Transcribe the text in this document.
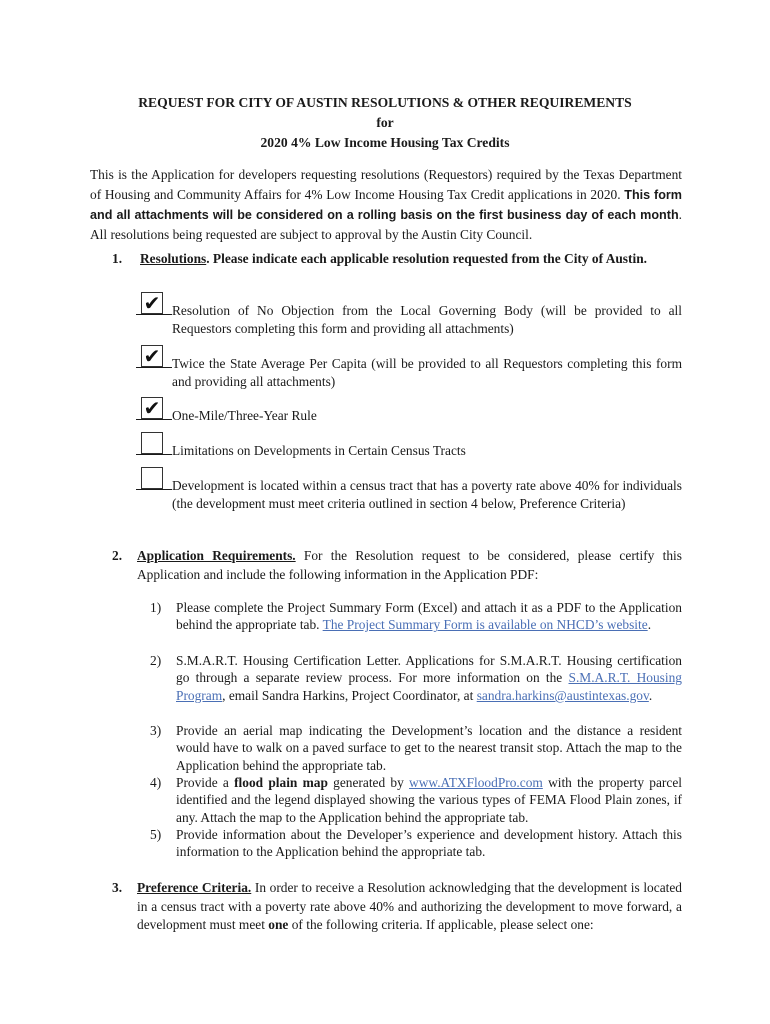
REQUEST FOR CITY OF AUSTIN RESOLUTIONS & OTHER REQUIREMENTS
for
2020 4% Low Income Housing Tax Credits
This is the Application for developers requesting resolutions (Requestors) required by the Texas Department of Housing and Community Affairs for 4% Low Income Housing Tax Credit applications in 2020. This form and all attachments will be considered on a rolling basis on the first business day of each month. All resolutions being requested are subject to approval by the Austin City Council.
1. Resolutions. Please indicate each applicable resolution requested from the City of Austin.
✔ Resolution of No Objection from the Local Governing Body (will be provided to all Requestors completing this form and providing all attachments)
✔ Twice the State Average Per Capita (will be provided to all Requestors completing this form and providing all attachments)
✔ One-Mile/Three-Year Rule
Limitations on Developments in Certain Census Tracts
Development is located within a census tract that has a poverty rate above 40% for individuals (the development must meet criteria outlined in section 4 below, Preference Criteria)
2. Application Requirements. For the Resolution request to be considered, please certify this Application and include the following information in the Application PDF:
1) Please complete the Project Summary Form (Excel) and attach it as a PDF to the Application behind the appropriate tab. The Project Summary Form is available on NHCD’s website.
2) S.M.A.R.T. Housing Certification Letter. Applications for S.M.A.R.T. Housing certification go through a separate review process. For more information on the S.M.A.R.T. Housing Program, email Sandra Harkins, Project Coordinator, at sandra.harkins@austintexas.gov.
3) Provide an aerial map indicating the Development’s location and the distance a resident would have to walk on a paved surface to get to the nearest transit stop. Attach the map to the Application behind the appropriate tab.
4) Provide a flood plain map generated by www.ATXFloodPro.com with the property parcel identified and the legend displayed showing the various types of FEMA Flood Plain zones, if any. Attach the map to the Application behind the appropriate tab.
5) Provide information about the Developer’s experience and development history. Attach this information to the Application behind the appropriate tab.
3. Preference Criteria. In order to receive a Resolution acknowledging that the development is located in a census tract with a poverty rate above 40% and authorizing the development to move forward, a development must meet one of the following criteria. If applicable, please select one:
